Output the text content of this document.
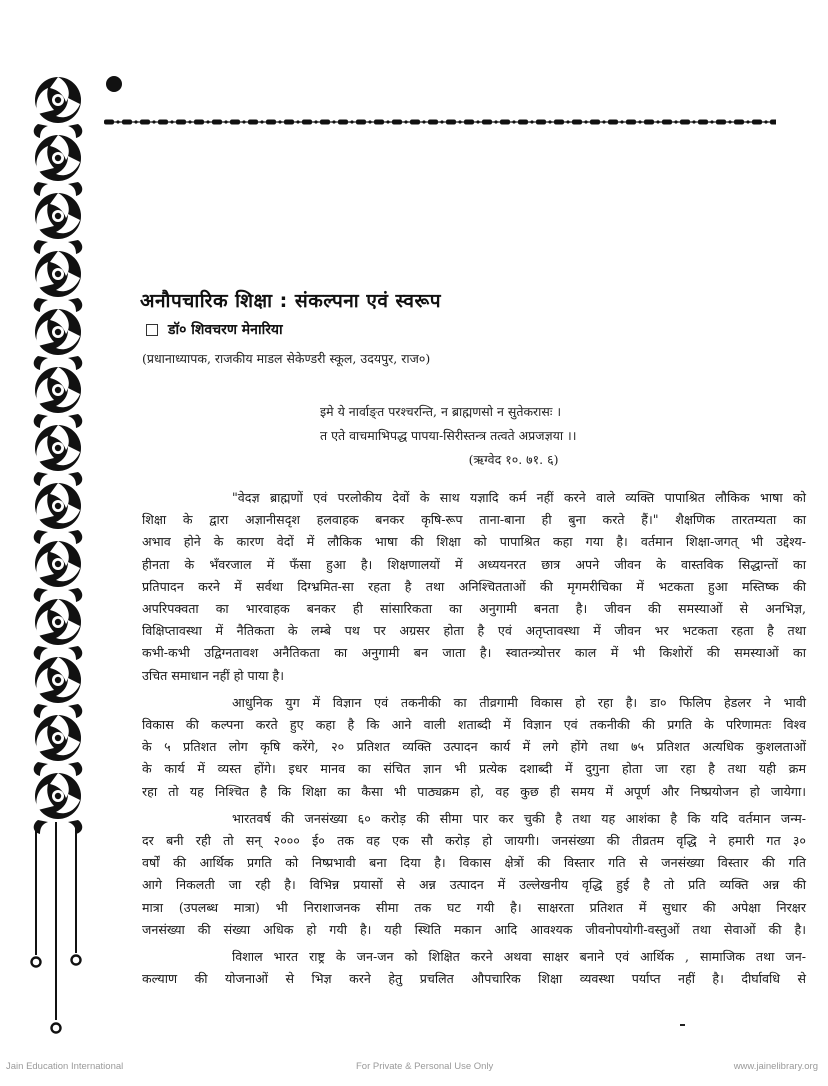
अनौपचारिक शिक्षा : संकल्पना एवं स्वरूप
डॉ० शिवचरण मेनारिया
(प्रधानाध्यापक, राजकीय माडल सेकेण्डरी स्कूल, उदयपुर, राज०)
इमे ये नार्वाङ्‌त परश्चरन्ति, न ब्राह्मणसो न सुतेकरासः ।
त एते वाचमाभिपद्ध पापया-सिरीस्तन्त्र तत्वते अप्रजज्ञया ।।
(ऋग्वेद १०. ७१. ६)
"वेदज्ञ ब्राह्मणों एवं परलोकीय देवों के साथ यज्ञादि कर्म नहीं करने वाले व्यक्ति पापाश्रित लौकिक भाषा को
शिक्षा के द्वारा अज्ञानीसदृश हलवाहक बनकर कृषि-रूप ताना-बाना ही बुना करते हैं।" शैक्षणिक तारतम्यता का
अभाव होने के कारण वेदों में लौकिक भाषा की शिक्षा को पापाश्रित कहा गया है। वर्तमान शिक्षा-जगत् भी उद्देश्य-
हीनता के भँवरजाल में फँसा हुआ है। शिक्षणालयों में अध्ययनरत छात्र अपने जीवन के वास्तविक सिद्धान्तों का
प्रतिपादन करने में सर्वथा दिग्भ्रमित-सा रहता है तथा अनिश्चितताओं की मृगमरीचिका में भटकता हुआ मस्तिष्क की
अपरिपक्वता का भारवाहक बनकर ही सांसारिकता का अनुगामी बनता है। जीवन की समस्याओं से अनभिज्ञ,
विक्षिप्तावस्था में नैतिकता के लम्बे पथ पर अग्रसर होता है एवं अतृप्तावस्था में जीवन भर भटकता रहता है तथा
कभी-कभी उद्विग्नतावश अनैतिकता का अनुगामी बन जाता है। स्वातन्त्र्योत्तर काल में भी किशोरों की समस्याओं का
उचित समाधान नहीं हो पाया है।
आधुनिक युग में विज्ञान एवं तकनीकी का तीव्रगामी विकास हो रहा है। डा० फिलिप हेडलर ने भावी
विकास की कल्पना करते हुए कहा है कि आने वाली शताब्दी में विज्ञान एवं तकनीकी की प्रगति के परिणामतः विश्व
के ५ प्रतिशत लोग कृषि करेंगे, २० प्रतिशत व्यक्ति उत्पादन कार्य में लगे होंगे तथा ७५ प्रतिशत अत्यधिक कुशलताओं
के कार्य में व्यस्त होंगे। इधर मानव का संचित ज्ञान भी प्रत्येक दशाब्दी में दुगुना होता जा रहा है तथा यही क्रम
रहा तो यह निश्चित है कि शिक्षा का कैसा भी पाठ्यक्रम हो, वह कुछ ही समय में अपूर्ण और निष्प्रयोजन हो जायेगा।
भारतवर्ष की जनसंख्या ६० करोड़ की सीमा पार कर चुकी है तथा यह आशंका है कि यदि वर्तमान जन्म-
दर बनी रही तो सन् २००० ई० तक वह एक सौ करोड़ हो जायगी। जनसंख्या की तीव्रतम वृद्धि ने हमारी गत ३०
वर्षों की आर्थिक प्रगति को निष्प्रभावी बना दिया है। विकास क्षेत्रों की विस्तार गति से जनसंख्या विस्तार की गति
आगे निकलती जा रही है। विभिन्न प्रयासों से अन्न उत्पादन में उल्लेखनीय वृद्धि हुई है तो प्रति व्यक्ति अन्न की
मात्रा (उपलब्ध मात्रा) भी निराशाजनक सीमा तक घट गयी है। साक्षरता प्रतिशत में सुधार की अपेक्षा निरक्षर
जनसंख्या की संख्या अधिक हो गयी है। यही स्थिति मकान आदि आवश्यक जीवनोपयोगी-वस्तुओं तथा सेवाओं की है।
विशाल भारत राष्ट्र के जन-जन को शिक्षित करने अथवा साक्षर बनाने एवं आर्थिक , सामाजिक तथा जन-
कल्याण की योजनाओं से भिज्ञ करने हेतु प्रचलित औपचारिक शिक्षा व्यवस्था पर्याप्त नहीं है। दीर्घावधि से
Jain Education International	For Private & Personal Use Only	www.jainelibrary.org
